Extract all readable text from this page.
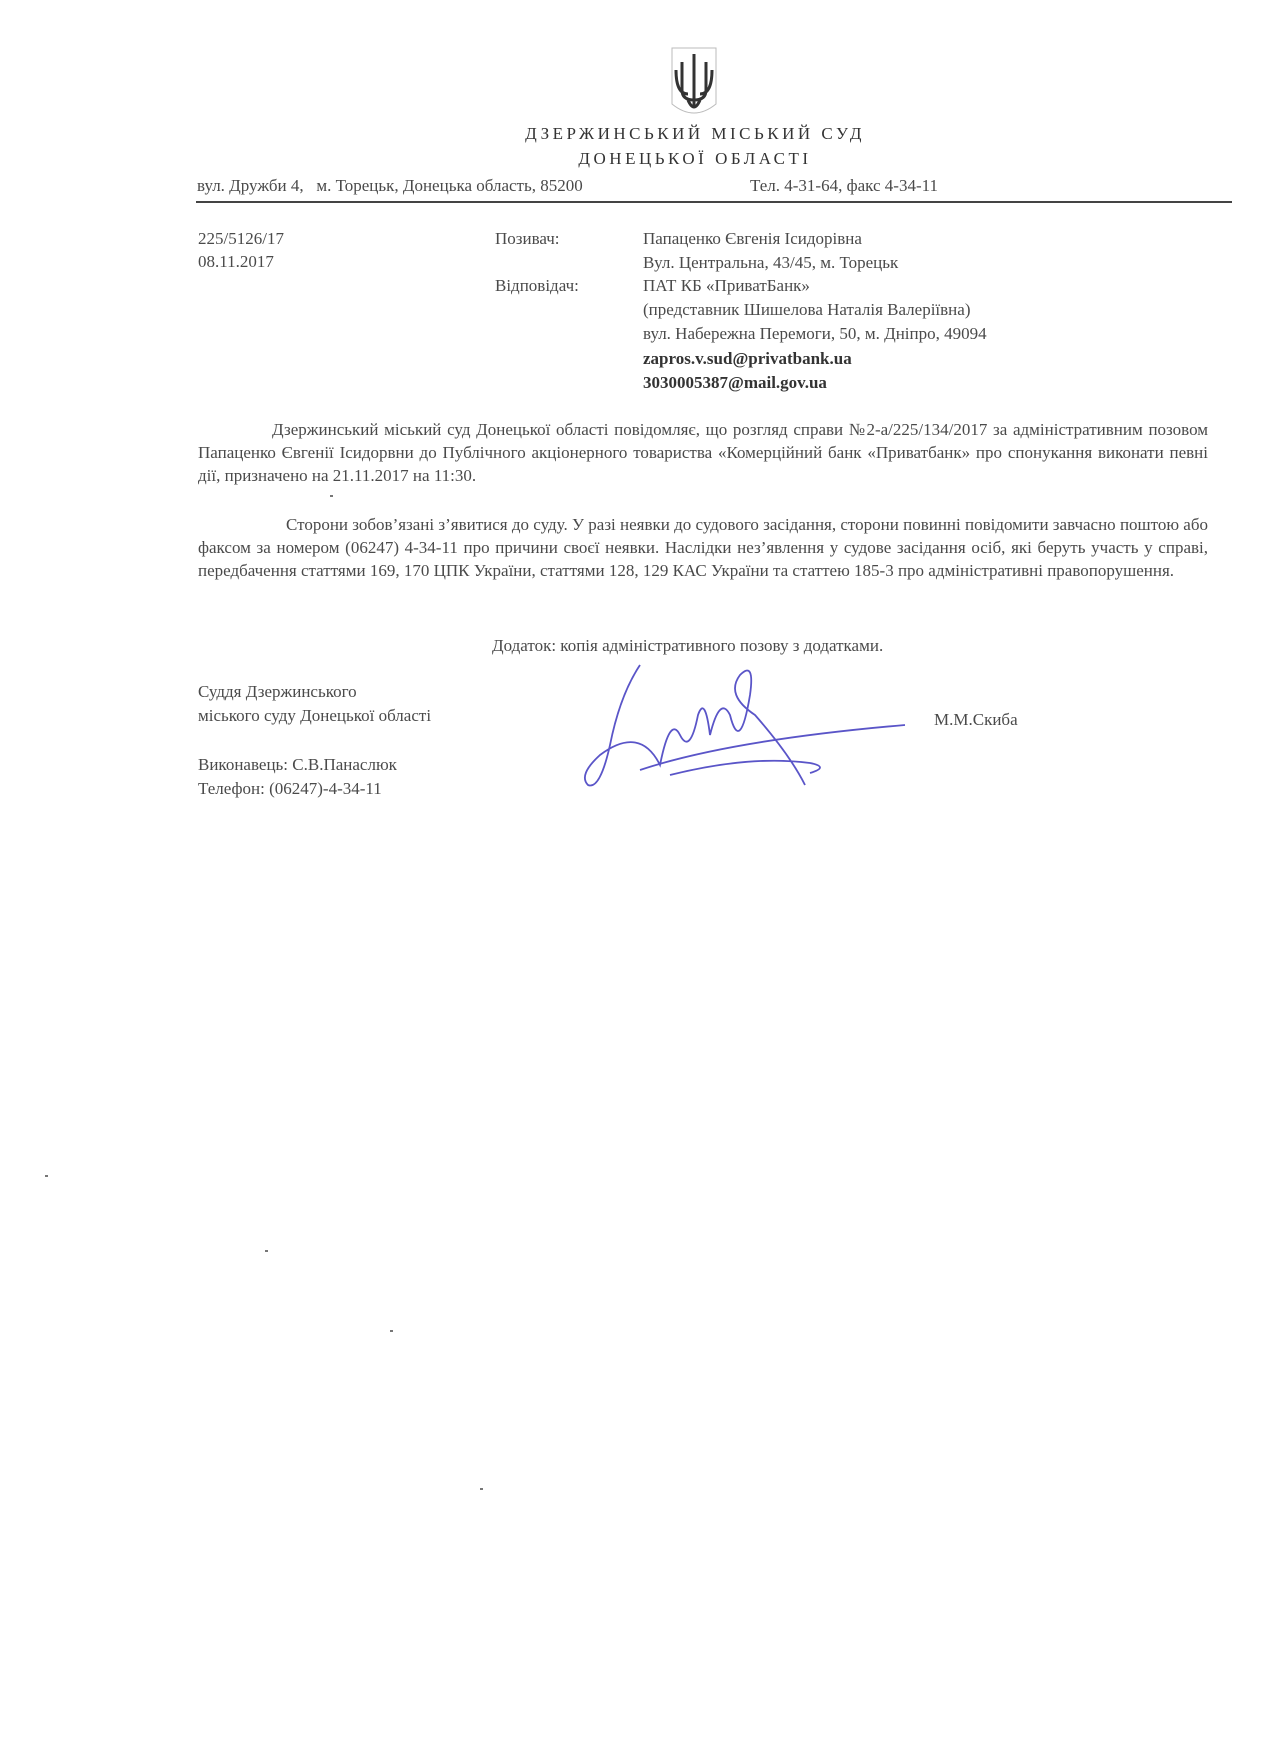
ДЗЕРЖИНСЬКИЙ МІСЬКИЙ СУД
ДОНЕЦЬКОЇ ОБЛАСТІ
вул. Дружби 4,   м. Торецьк, Донецька область, 85200	Тел. 4-31-64, факс 4-34-11
225/5126/17
08.11.2017
Позивач:	Папаценко Євгенія Ісидорівна
Вул. Центральна, 43/45, м. Торецьк
Відповідач:	ПАТ КБ «ПриватБанк»
(представник Шишелова Наталія Валеріївна)
вул. Набережна Перемоги, 50, м. Дніпро, 49094
zapros.v.sud@privatbank.ua
3030005387@mail.gov.ua
Дзержинський міський суд Донецької області повідомляє, що розгляд справи №2-а/225/134/2017 за адміністративним позовом Папаценко Євгенії Ісидорвни до Публічного акціонерного товариства «Комерційний банк «Приватбанк» про спонукання виконати певні дії, призначено на 21.11.2017 на 11:30.
Сторони зобов’язані з’явитися до суду. У разі неявки до судового засідання, сторони повинні повідомити завчасно поштою або факсом за номером (06247) 4-34-11 про причини своєї неявки. Наслідки нез’явлення у судове засідання осіб, які беруть участь у справі, передбачення статтями 169, 170 ЦПК України, статтями 128, 129 КАС України та статтею 185-3 про адміністративні правопорушення.
Додаток: копія адміністративного позову з додатками.
Суддя Дзержинського
міського суду Донецької області	М.М.Скиба
Виконавець: С.В.Панаслюк
Телефон: (06247)-4-34-11
